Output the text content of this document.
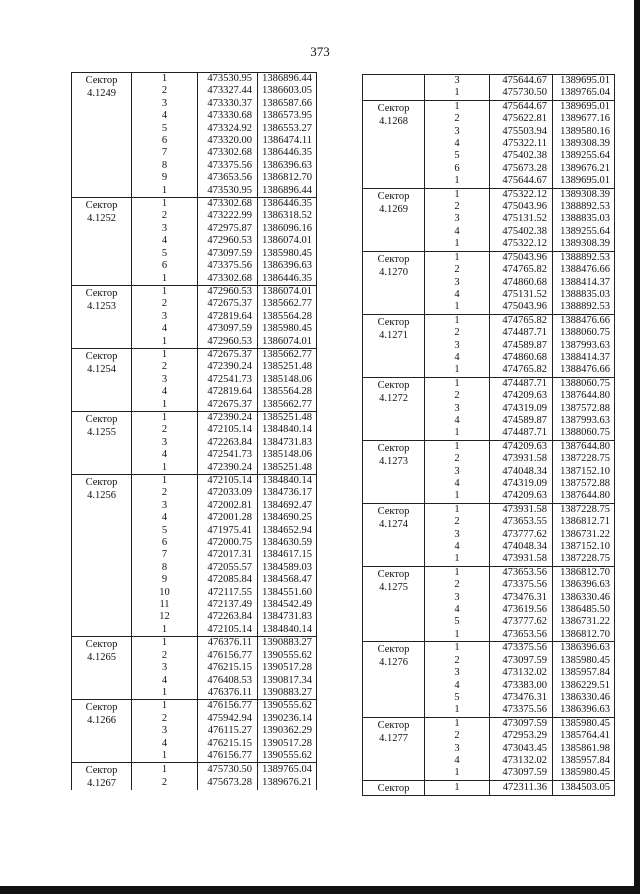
373
Сектор
4.1249	1	473530.95	1386896.44
	2	473327.44	1386603.05
	3	473330.37	1386587.66
	4	473330.68	1386573.95
	5	473324.92	1386553.27
	6	473320.00	1386474.11
	7	473302.68	1386446.35
	8	473375.56	1386396.63
	9	473653.56	1386812.70
	1	473530.95	1386896.44

Сектор
4.1252	1	473302.68	1386446.35
	2	473222.99	1386318.52
	3	472975.87	1386096.16
	4	472960.53	1386074.01
	5	473097.59	1385980.45
	6	473375.56	1386396.63
	1	473302.68	1386446.35

Сектор
4.1253	1	472960.53	1386074.01
	2	472675.37	1385662.77
	3	472819.64	1385564.28
	4	473097.59	1385980.45
	1	472960.53	1386074.01

Сектор
4.1254	1	472675.37	1385662.77
	2	472390.24	1385251.48
	3	472541.73	1385148.06
	4	472819.64	1385564.28
	1	472675.37	1385662.77

Сектор
4.1255	1	472390.24	1385251.48
	2	472105.14	1384840.14
	3	472263.84	1384731.83
	4	472541.73	1385148.06
	1	472390.24	1385251.48

Сектор
4.1256	1	472105.14	1384840.14
	2	472033.09	1384736.17
	3	472002.81	1384692.47
	4	472001.28	1384690.25
	5	471975.41	1384652.94
	6	472000.75	1384630.59
	7	472017.31	1384617.15
	8	472055.57	1384589.03
	9	472085.84	1384568.47
	10	472117.55	1384551.60
	11	472137.49	1384542.49
	12	472263.84	1384731.83
	1	472105.14	1384840.14

Сектор
4.1265	1	476376.11	1390883.27
	2	476156.77	1390555.62
	3	476215.15	1390517.28
	4	476408.53	1390817.34
	1	476376.11	1390883.27

Сектор
4.1266	1	476156.77	1390555.62
	2	475942.94	1390236.14
	3	476115.27	1390362.29
	4	476215.15	1390517.28
	1	476156.77	1390555.62

Сектор
4.1267	1	475730.50	1389765.04
	2	475673.28	1389676.21
	3	475644.67	1389695.01
	1	475730.50	1389765.04

Сектор
4.1268	1	475644.67	1389695.01
	2	475622.81	1389677.16
	3	475503.94	1389580.16
	4	475322.11	1389308.39
	5	475402.38	1389255.64
	6	475673.28	1389676.21
	1	475644.67	1389695.01

Сектор
4.1269	1	475322.12	1389308.39
	2	475043.96	1388892.53
	3	475131.52	1388835.03
	4	475402.38	1389255.64
	1	475322.12	1389308.39

Сектор
4.1270	1	475043.96	1388892.53
	2	474765.82	1388476.66
	3	474860.68	1388414.37
	4	475131.52	1388835.03
	1	475043.96	1388892.53

Сектор
4.1271	1	474765.82	1388476.66
	2	474487.71	1388060.75
	3	474589.87	1387993.63
	4	474860.68	1388414.37
	1	474765.82	1388476.66

Сектор
4.1272	1	474487.71	1388060.75
	2	474209.63	1387644.80
	3	474319.09	1387572.88
	4	474589.87	1387993.63
	1	474487.71	1388060.75

Сектор
4.1273	1	474209.63	1387644.80
	2	473931.58	1387228.75
	3	474048.34	1387152.10
	4	474319.09	1387572.88
	1	474209.63	1387644.80

Сектор
4.1274	1	473931.58	1387228.75
	2	473653.55	1386812.71
	3	473777.62	1386731.22
	4	474048.34	1387152.10
	1	473931.58	1387228.75

Сектор
4.1275	1	473653.56	1386812.70
	2	473375.56	1386396.63
	3	473476.31	1386330.46
	4	473619.56	1386485.50
	5	473777.62	1386731.22
	1	473653.56	1386812.70

Сектор
4.1276	1	473375.56	1386396.63
	2	473097.59	1385980.45
	3	473132.02	1385957.84
	4	473383.00	1386229.51
	5	473476.31	1386330.46
	1	473375.56	1386396.63

Сектор
4.1277	1	473097.59	1385980.45
	2	472953.29	1385764.41
	3	473043.45	1385861.98
	4	473132.02	1385957.84
	1	473097.59	1385980.45

Сектор	1	472311.36	1384503.05
